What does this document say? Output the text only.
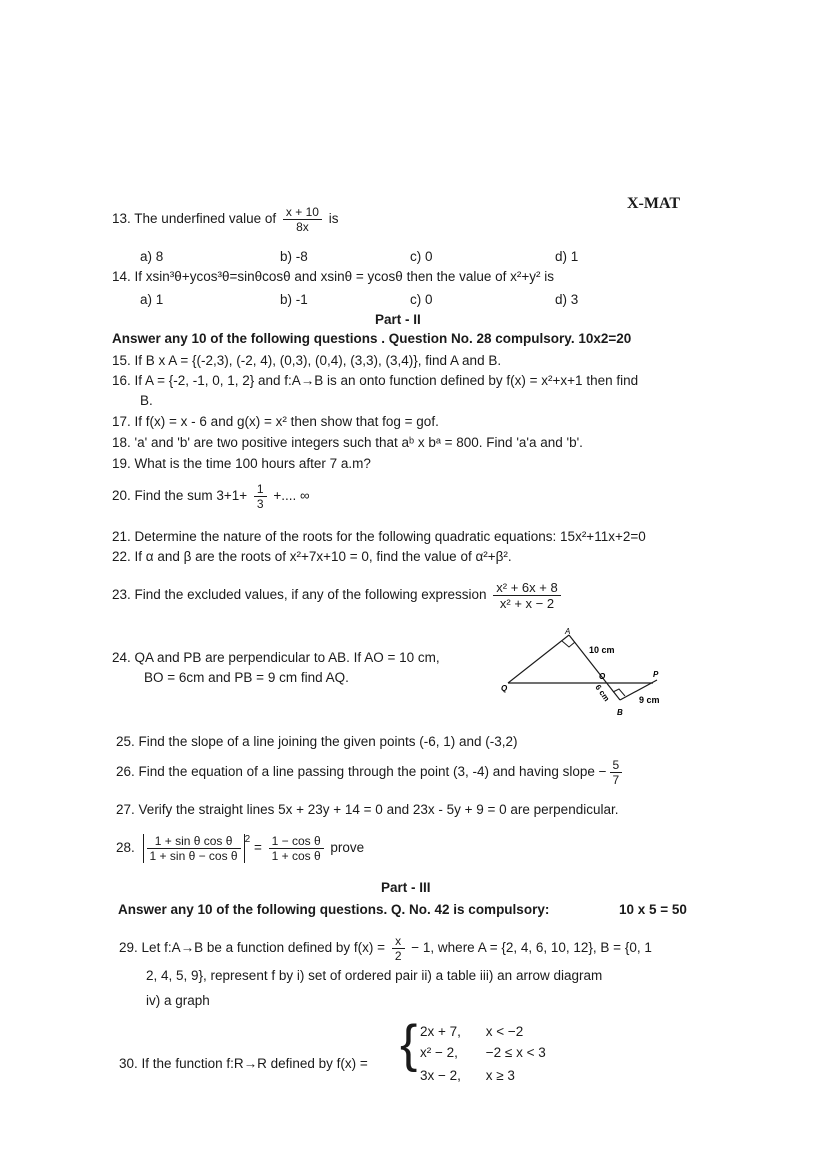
X-MAT
13. The underfined value of $\frac{x + 10}{8x}$ is
a) 8	b) -8	c) 0	d) 1
14. If xsin³θ+ycos³θ=sinθcosθ and xsinθ = ycosθ then the value of x²+y² is
a) 1	b) -1	c) 0	d) 3
Part - II
Answer any 10 of the following questions . Question No. 28 compulsory. 10x2=20
15. If B x A = {(-2,3), (-2, 4), (0,3), (0,4), (3,3), (3,4)}, find A and B.
16. If A = {-2, -1, 0, 1, 2} and f:A→B is an onto function defined by f(x) = x²+x+1 then find
B.
17. If f(x) = x - 6 and g(x) = x² then show that fog = gof.
18. 'a' and 'b' are two positive integers such that aᵇ x bᵃ = 800. Find 'a'a and 'b'.
19. What is the time 100 hours after 7 a.m?
20. Find the sum $3+1+ \frac{1}{3}$ +.... ∞
21. Determine the nature of the roots for the following quadratic equations: 15x²+11x+2=0
22. If α and β are the roots of x²+7x+10 = 0, find the value of α²+β².
23. Find the excluded values, if any of the following expression $\frac{\text{x² + 6x + 8}}{\text{x² + x − 2}}$
24. QA and PB are perpendicular to AB. If AO = 10 cm,
BO = 6cm and PB = 9 cm find AQ.
A
Q
O	P
B
10 cm
6 cm	9 cm
25. Find the slope of a line joining the given points (-6, 1) and (-3,2)
26. Find the equation of a line passing through the point (3, -4) and having slope − $\frac{5}{7}$
27. Verify the straight lines 5x + 23y + 14 = 0 and 23x - 5y + 9 = 0 are perpendicular.
28. $\frac{\text{1 + sin θ cos θ}}{\text{1 + sin θ − cos θ}} ^2 = \frac{\text{1 − cos θ}}{\text{1 + cos θ}}$ prove
Part - III
Answer any 10 of the following questions. Q. No. 42 is compulsory:	10 x 5 = 50
29. Let f:A→B be a function defined by $f(x) = \frac{x}{2} - 1$, where A = {2, 4, 6, 10, 12}, B = {0, 1
2, 4, 5, 9}, represent f by i) set of ordered pair ii) a table iii) an arrow diagram
iv) a graph
30. If the function f:R→R defined by f(x) = { 2x + 7, x < −2
x² − 2, −2 ≤ x < 3
3x − 2, x ≥ 3
